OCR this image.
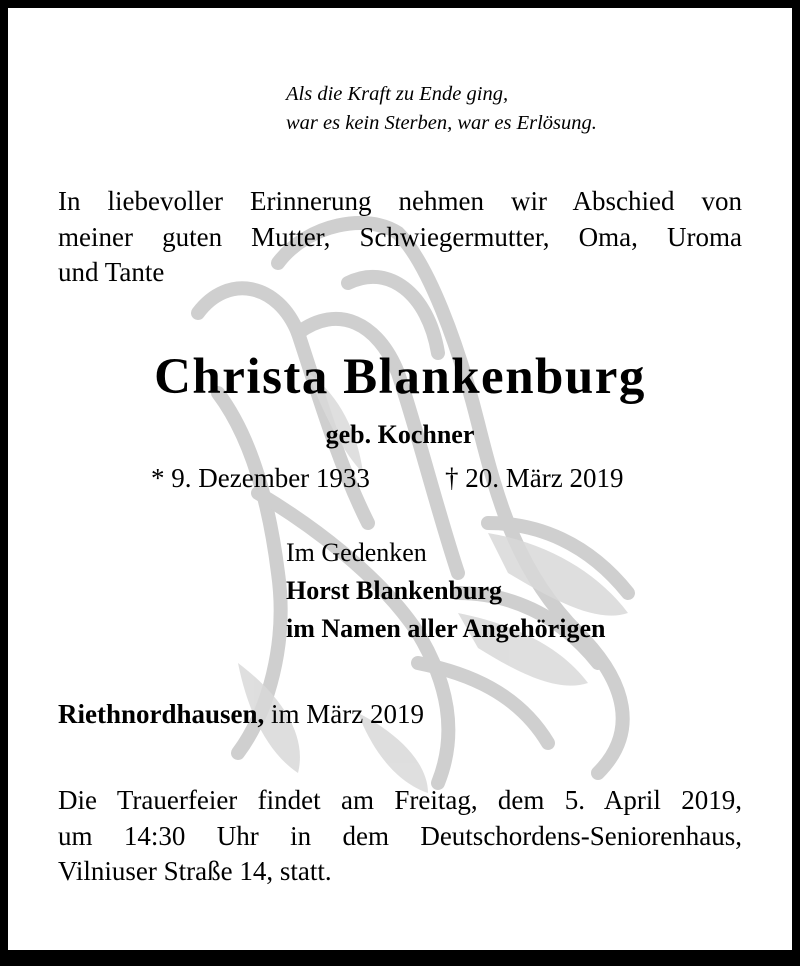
Als die Kraft zu Ende ging,
war es kein Sterben, war es Erlösung.
In liebevoller Erinnerung nehmen wir Abschied von
meiner guten Mutter, Schwiegermutter, Oma, Uroma
und Tante
Christa Blankenburg
geb. Kochner
* 9. Dezember 1933	† 20. März 2019
Im Gedenken
Horst Blankenburg
im Namen aller Angehörigen
Riethnordhausen, im März 2019
Die Trauerfeier findet am Freitag, dem 5. April 2019,
um 14:30 Uhr in dem Deutschordens-Seniorenhaus,
Vilniuser Straße 14, statt.
